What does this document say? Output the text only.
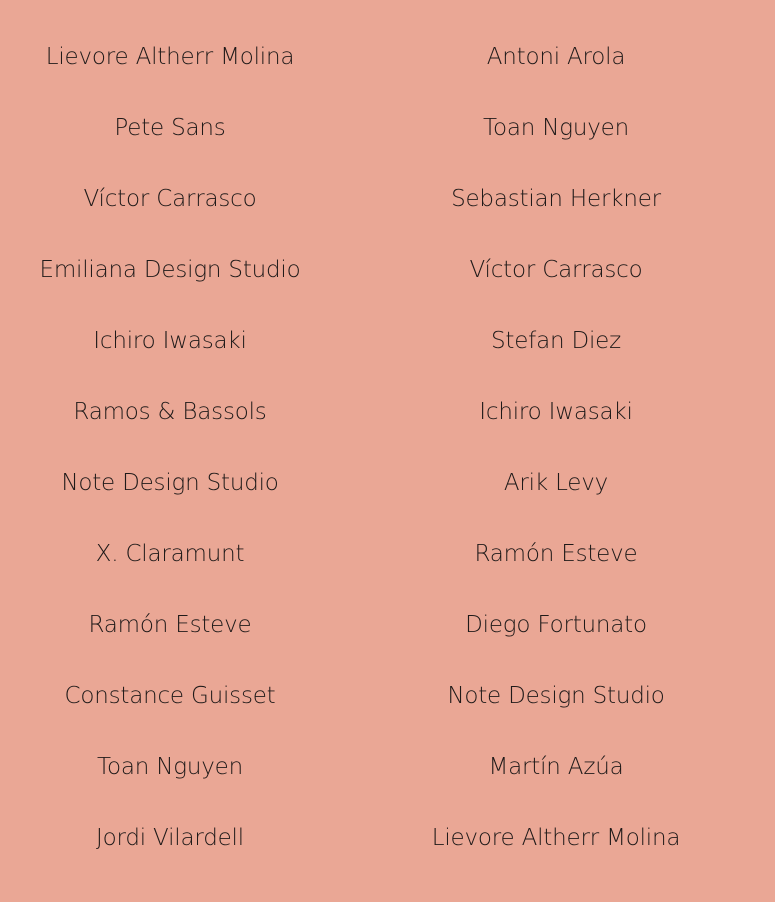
Lievore Altherr Molina
Pete Sans
Víctor Carrasco
Emiliana Design Studio
Ichiro Iwasaki
Ramos & Bassols
Note Design Studio
X. Claramunt
Ramón Esteve
Constance Guisset
Toan Nguyen
Jordi Vilardell
Antoni Arola
Toan Nguyen
Sebastian Herkner
Víctor Carrasco
Stefan Diez
Ichiro Iwasaki
Arik Levy
Ramón Esteve
Diego Fortunato
Note Design Studio
Martín Azúa
Lievore Altherr Molina
